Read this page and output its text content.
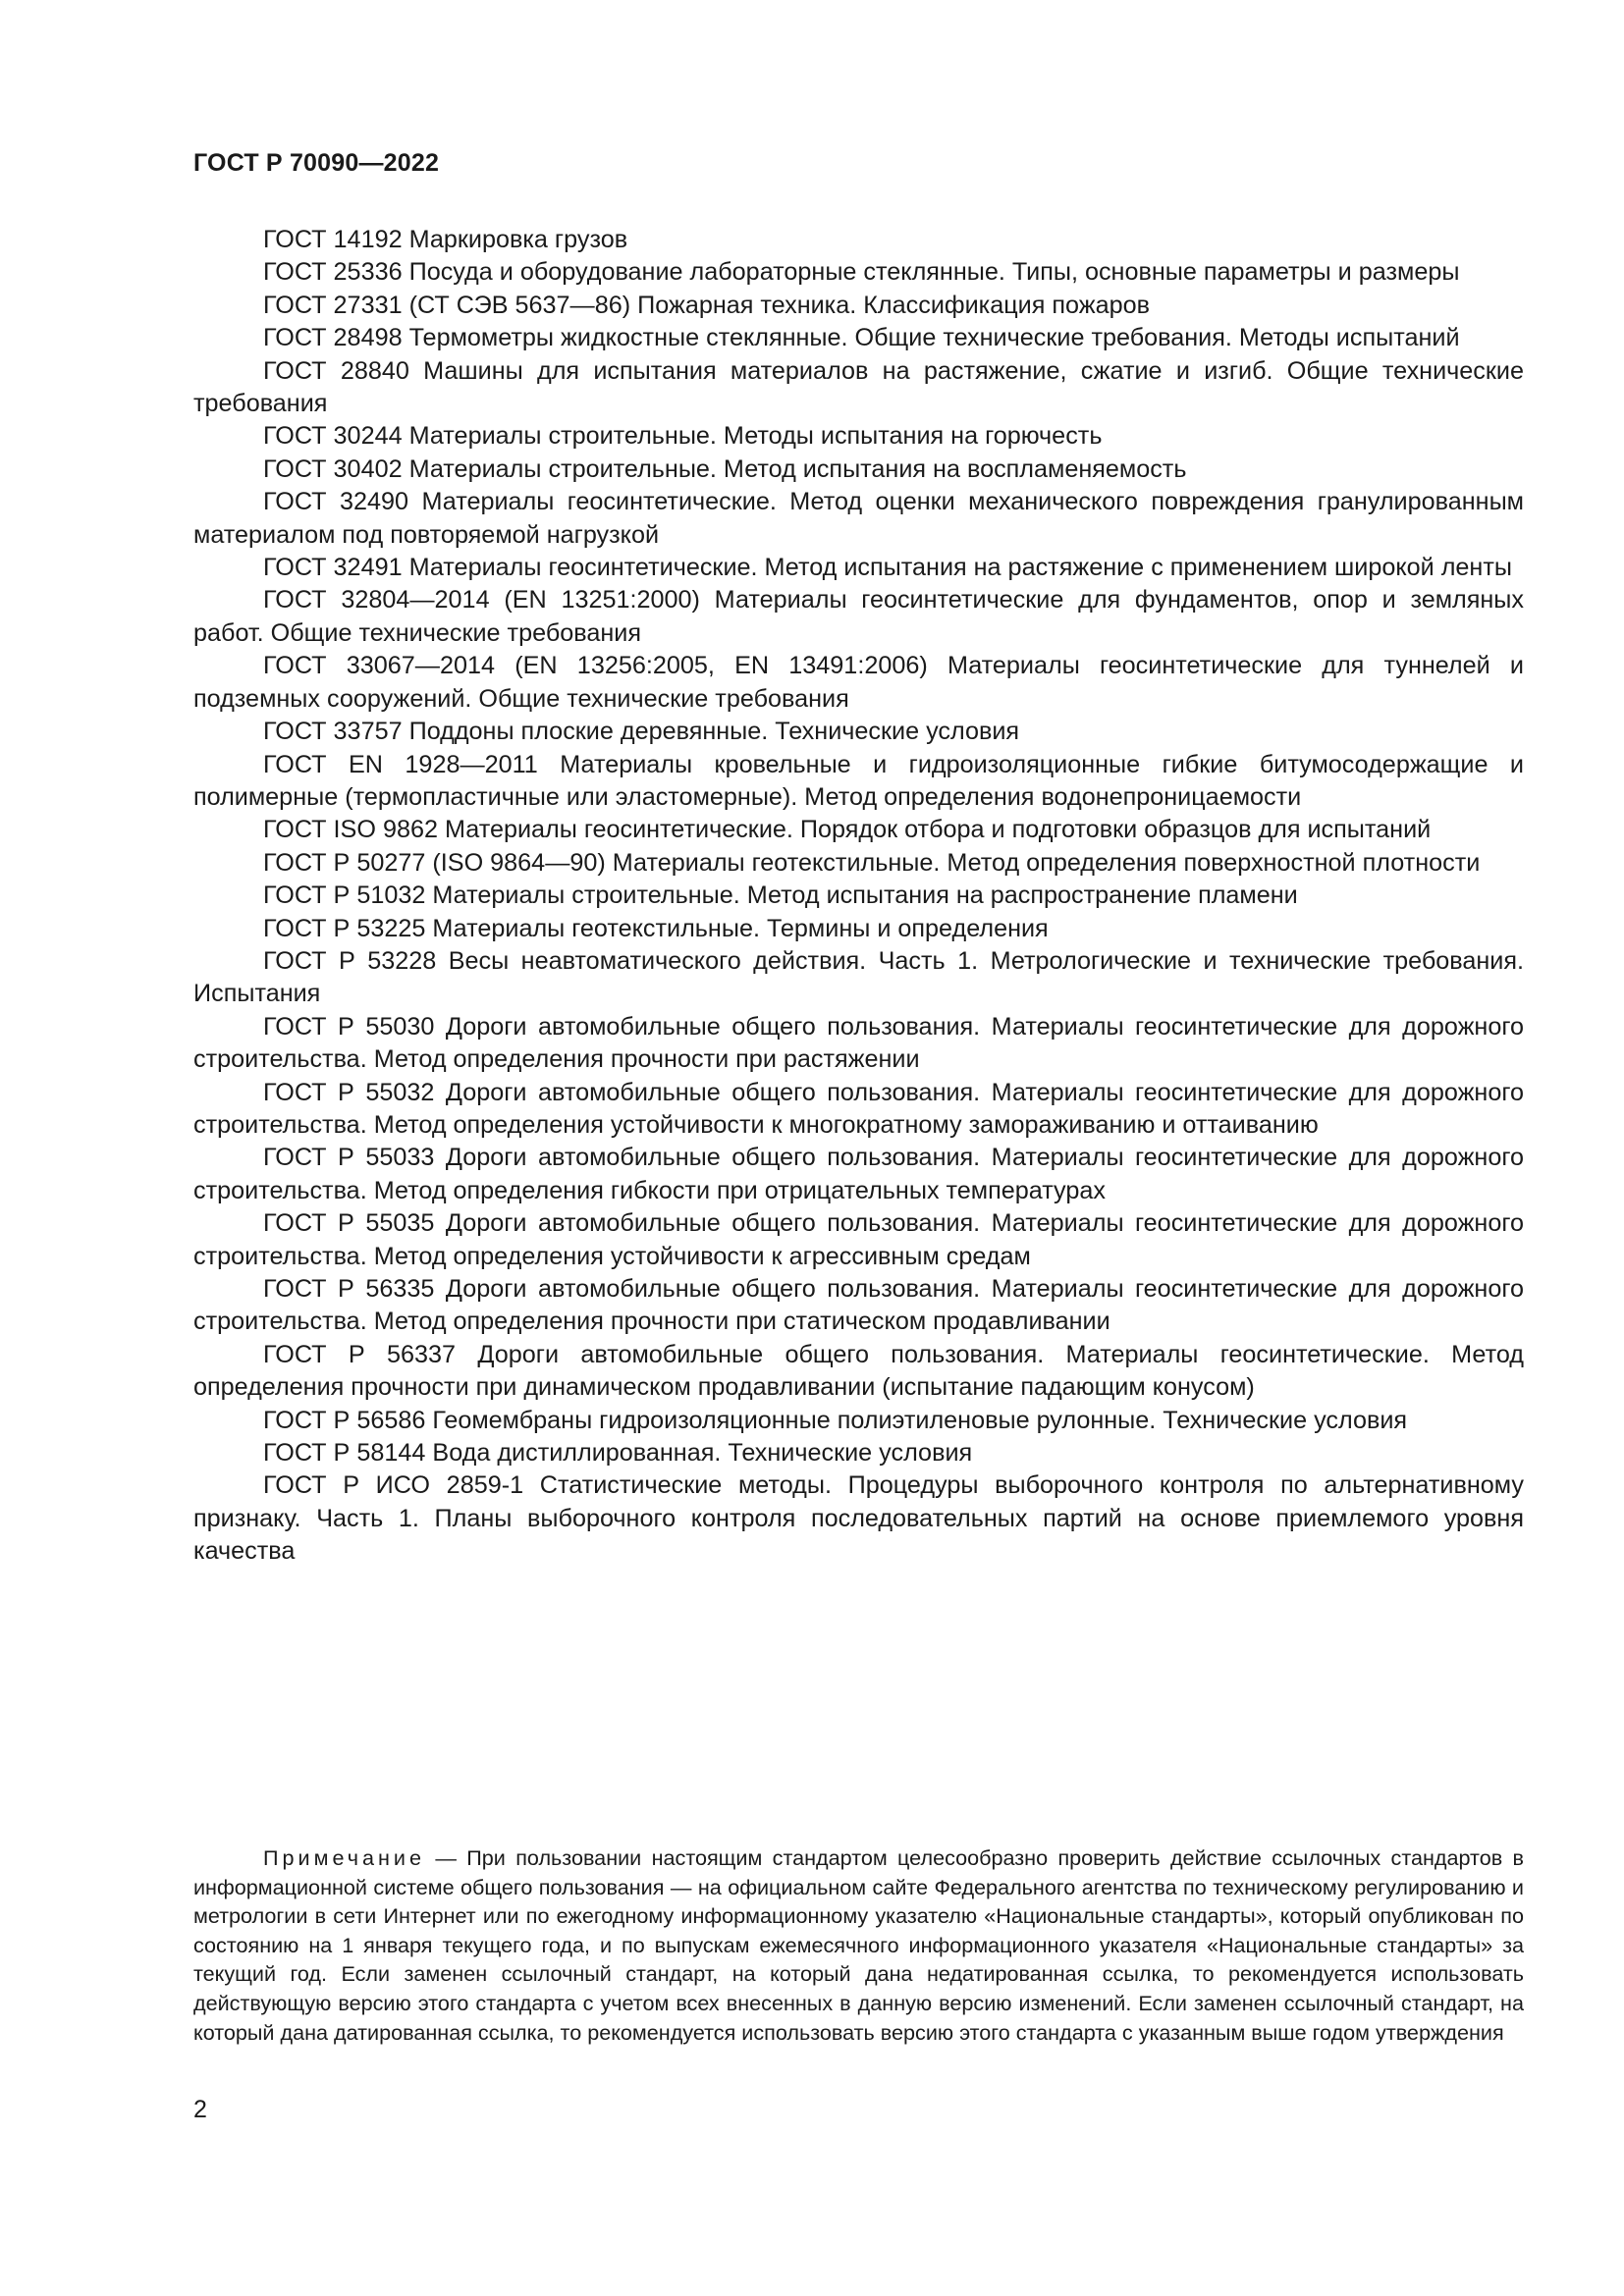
ГОСТ Р 70090—2022

ГОСТ 14192 Маркировка грузов

ГОСТ 25336 Посуда и оборудование лабораторные стеклянные. Типы, основные параметры и размеры

ГОСТ 27331 (СТ СЭВ 5637—86) Пожарная техника. Классификация пожаров

ГОСТ 28498 Термометры жидкостные стеклянные. Общие технические требования. Методы испытаний

ГОСТ 28840 Машины для испытания материалов на растяжение, сжатие и изгиб. Общие технические требования

ГОСТ 30244 Материалы строительные. Методы испытания на горючесть

ГОСТ 30402 Материалы строительные. Метод испытания на воспламеняемость

ГОСТ 32490 Материалы геосинтетические. Метод оценки механического повреждения гранулированным материалом под повторяемой нагрузкой

ГОСТ 32491 Материалы геосинтетические. Метод испытания на растяжение с применением широкой ленты

ГОСТ 32804—2014 (EN 13251:2000) Материалы геосинтетические для фундаментов, опор и земляных работ. Общие технические требования

ГОСТ 33067—2014 (EN 13256:2005, EN 13491:2006) Материалы геосинтетические для туннелей и подземных сооружений. Общие технические требования

ГОСТ 33757 Поддоны плоские деревянные. Технические условия

ГОСТ EN 1928—2011 Материалы кровельные и гидроизоляционные гибкие битумосодержащие и полимерные (термопластичные или эластомерные). Метод определения водонепроницаемости

ГОСТ ISO 9862 Материалы геосинтетические. Порядок отбора и подготовки образцов для испытаний

ГОСТ Р 50277 (ISO 9864—90) Материалы геотекстильные. Метод определения поверхностной плотности

ГОСТ Р 51032 Материалы строительные. Метод испытания на распространение пламени

ГОСТ Р 53225 Материалы геотекстильные. Термины и определения

ГОСТ Р 53228 Весы неавтоматического действия. Часть 1. Метрологические и технические требования. Испытания

ГОСТ Р 55030 Дороги автомобильные общего пользования. Материалы геосинтетические для дорожного строительства. Метод определения прочности при растяжении

ГОСТ Р 55032 Дороги автомобильные общего пользования. Материалы геосинтетические для дорожного строительства. Метод определения устойчивости к многократному замораживанию и оттаиванию

ГОСТ Р 55033 Дороги автомобильные общего пользования. Материалы геосинтетические для дорожного строительства. Метод определения гибкости при отрицательных температурах

ГОСТ Р 55035 Дороги автомобильные общего пользования. Материалы геосинтетические для дорожного строительства. Метод определения устойчивости к агрессивным средам

ГОСТ Р 56335 Дороги автомобильные общего пользования. Материалы геосинтетические для дорожного строительства. Метод определения прочности при статическом продавливании

ГОСТ Р 56337 Дороги автомобильные общего пользования. Материалы геосинтетические. Метод определения прочности при динамическом продавливании (испытание падающим конусом)

ГОСТ Р 56586 Геомембраны гидроизоляционные полиэтиленовые рулонные. Технические условия

ГОСТ Р 58144 Вода дистиллированная. Технические условия

ГОСТ Р ИСО 2859-1 Статистические методы. Процедуры выборочного контроля по альтернативному признаку. Часть 1. Планы выборочного контроля последовательных партий на основе приемлемого уровня качества

Примечание — При пользовании настоящим стандартом целесообразно проверить действие ссылочных стандартов в информационной системе общего пользования — на официальном сайте Федерального агентства по техническому регулированию и метрологии в сети Интернет или по ежегодному информационному указателю «Национальные стандарты», который опубликован по состоянию на 1 января текущего года, и по выпускам ежемесячного информационного указателя «Национальные стандарты» за текущий год. Если заменен ссылочный стандарт, на который дана недатированная ссылка, то рекомендуется использовать действующую версию этого стандарта с учетом всех внесенных в данную версию изменений. Если заменен ссылочный стандарт, на который дана датированная ссылка, то рекомендуется использовать версию этого стандарта с указанным выше годом утверждения

2
